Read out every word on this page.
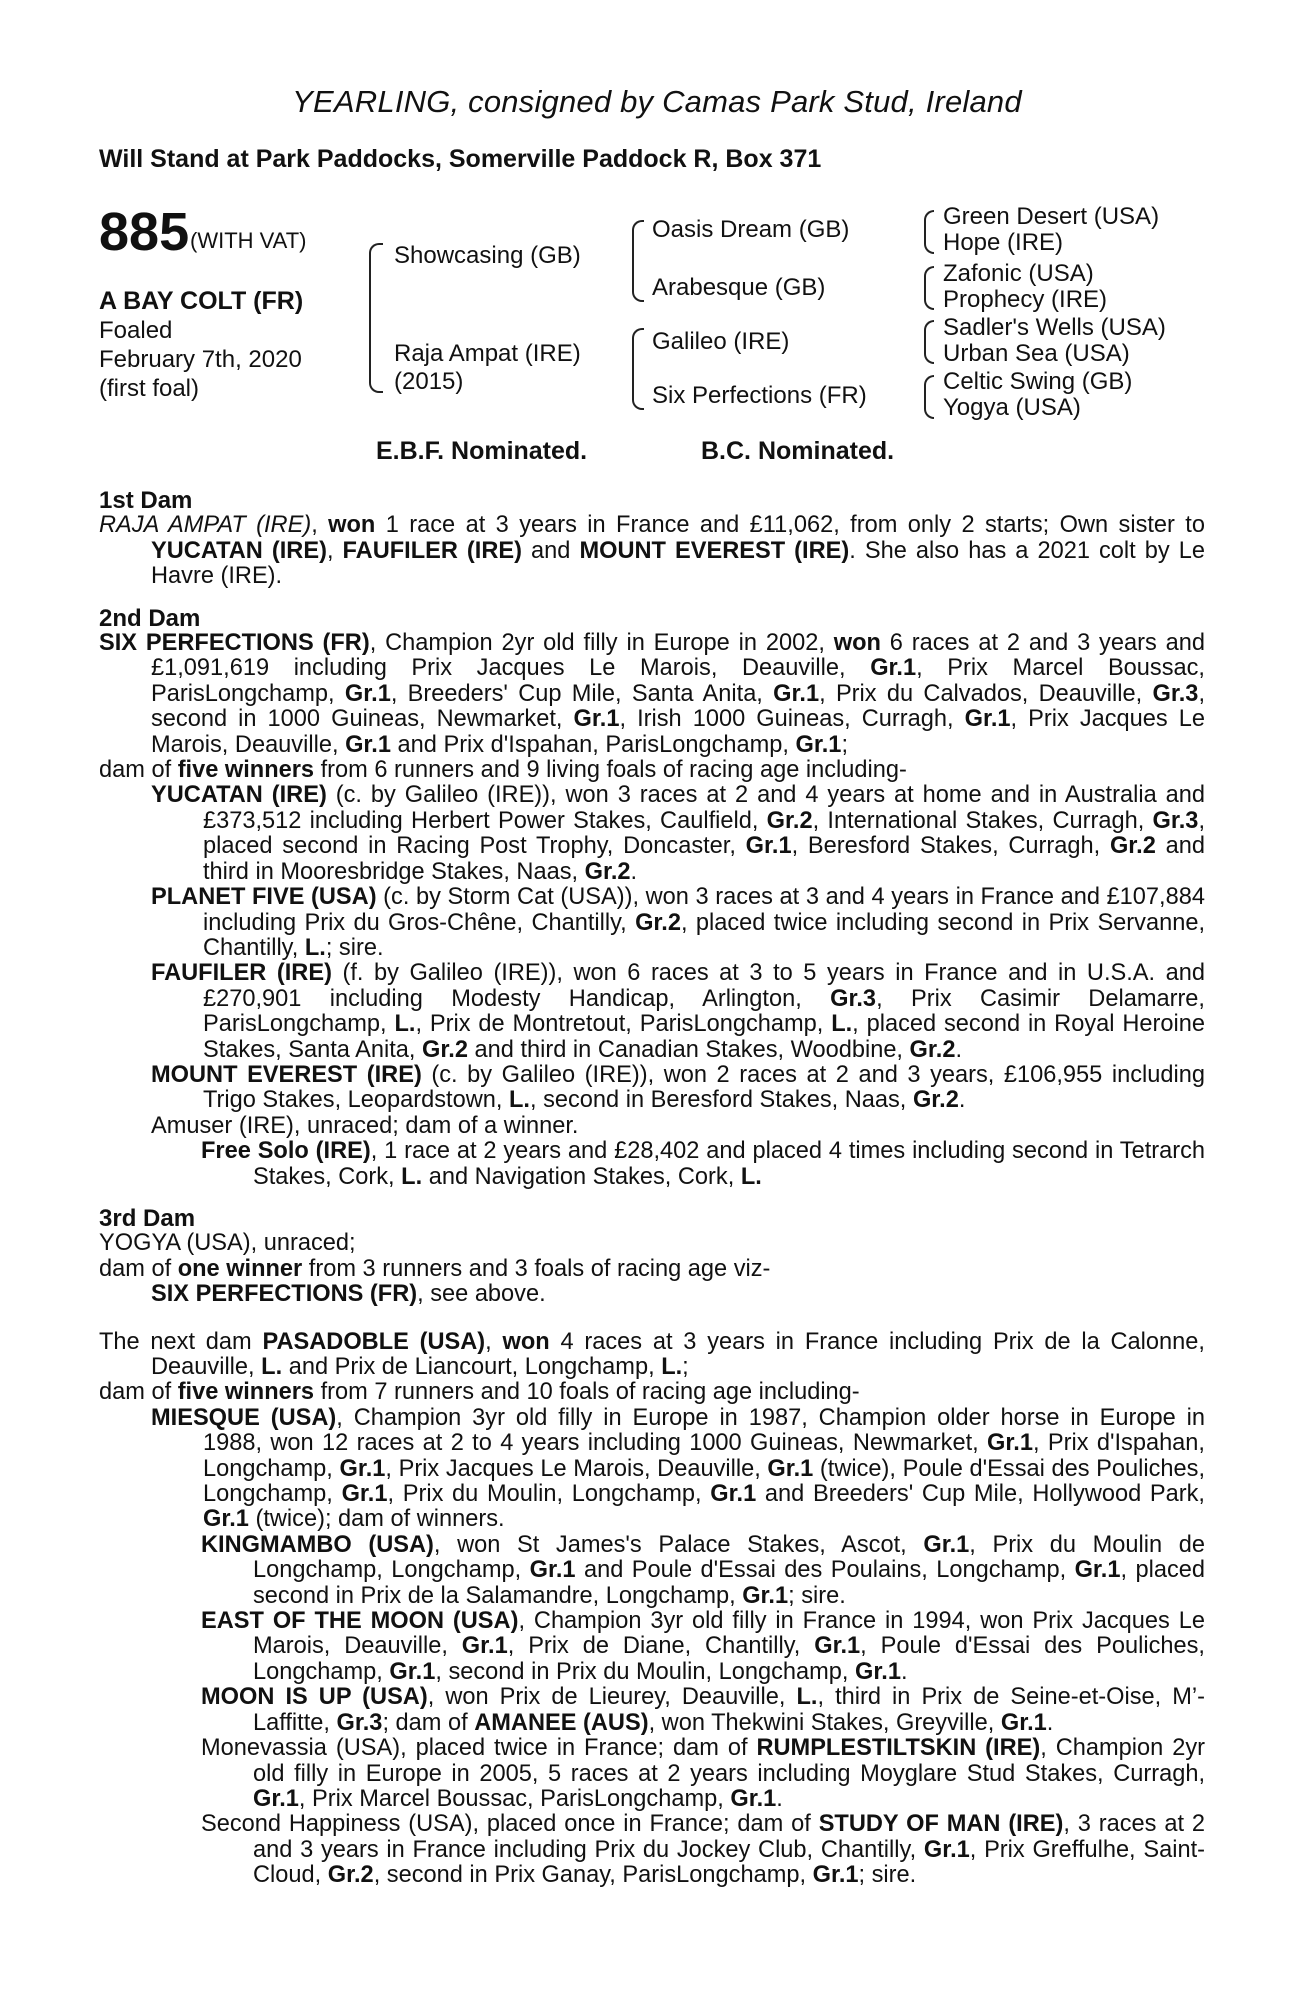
YEARLING, consigned by Camas Park Stud, Ireland
Will Stand at Park Paddocks, Somerville Paddock R, Box 371
885 (WITH VAT)
A BAY COLT (FR)
Foaled
February 7th, 2020
(first foal)
Showcasing (GB)
Raja Ampat (IRE)
(2015)
Oasis Dream (GB)
Arabesque (GB)
Galileo (IRE)
Six Perfections (FR)
Green Desert (USA)
Hope (IRE)
Zafonic (USA)
Prophecy (IRE)
Sadler's Wells (USA)
Urban Sea (USA)
Celtic Swing (GB)
Yogya (USA)
E.B.F. Nominated.	B.C. Nominated.
1st Dam

RAJA AMPAT (IRE), won 1 race at 3 years in France and £11,062, from only 2 starts; Own sister to YUCATAN (IRE), FAUFILER (IRE) and MOUNT EVEREST (IRE). She also has a 2021 colt by Le Havre (IRE).

2nd Dam

SIX PERFECTIONS (FR), Champion 2yr old filly in Europe in 2002, won 6 races at 2 and 3 years and £1,091,619 including Prix Jacques Le Marois, Deauville, Gr.1, Prix Marcel Boussac, ParisLongchamp, Gr.1, Breeders' Cup Mile, Santa Anita, Gr.1, Prix du Calvados, Deauville, Gr.3, second in 1000 Guineas, Newmarket, Gr.1, Irish 1000 Guineas, Curragh, Gr.1, Prix Jacques Le Marois, Deauville, Gr.1 and Prix d'Ispahan, ParisLongchamp, Gr.1;

dam of five winners from 6 runners and 9 living foals of racing age including-

YUCATAN (IRE) (c. by Galileo (IRE)), won 3 races at 2 and 4 years at home and in Australia and £373,512 including Herbert Power Stakes, Caulfield, Gr.2, International Stakes, Curragh, Gr.3, placed second in Racing Post Trophy, Doncaster, Gr.1, Beresford Stakes, Curragh, Gr.2 and third in Mooresbridge Stakes, Naas, Gr.2.

PLANET FIVE (USA) (c. by Storm Cat (USA)), won 3 races at 3 and 4 years in France and £107,884 including Prix du Gros-Chêne, Chantilly, Gr.2, placed twice including second in Prix Servanne, Chantilly, L.; sire.

FAUFILER (IRE) (f. by Galileo (IRE)), won 6 races at 3 to 5 years in France and in U.S.A. and £270,901 including Modesty Handicap, Arlington, Gr.3, Prix Casimir Delamarre, ParisLongchamp, L., Prix de Montretout, ParisLongchamp, L., placed second in Royal Heroine Stakes, Santa Anita, Gr.2 and third in Canadian Stakes, Woodbine, Gr.2.

MOUNT EVEREST (IRE) (c. by Galileo (IRE)), won 2 races at 2 and 3 years, £106,955 including Trigo Stakes, Leopardstown, L., second in Beresford Stakes, Naas, Gr.2.

Amuser (IRE), unraced; dam of a winner.

Free Solo (IRE), 1 race at 2 years and £28,402 and placed 4 times including second in Tetrarch Stakes, Cork, L. and Navigation Stakes, Cork, L.

3rd Dam

YOGYA (USA), unraced;

dam of one winner from 3 runners and 3 foals of racing age viz-

SIX PERFECTIONS (FR), see above.

The next dam PASADOBLE (USA), won 4 races at 3 years in France including Prix de la Calonne, Deauville, L. and Prix de Liancourt, Longchamp, L.;

dam of five winners from 7 runners and 10 foals of racing age including-

MIESQUE (USA), Champion 3yr old filly in Europe in 1987, Champion older horse in Europe in 1988, won 12 races at 2 to 4 years including 1000 Guineas, Newmarket, Gr.1, Prix d'Ispahan, Longchamp, Gr.1, Prix Jacques Le Marois, Deauville, Gr.1 (twice), Poule d'Essai des Pouliches, Longchamp, Gr.1, Prix du Moulin, Longchamp, Gr.1 and Breeders' Cup Mile, Hollywood Park, Gr.1 (twice); dam of winners.

KINGMAMBO (USA), won St James's Palace Stakes, Ascot, Gr.1, Prix du Moulin de Longchamp, Longchamp, Gr.1 and Poule d'Essai des Poulains, Longchamp, Gr.1, placed second in Prix de la Salamandre, Longchamp, Gr.1; sire.

EAST OF THE MOON (USA), Champion 3yr old filly in France in 1994, won Prix Jacques Le Marois, Deauville, Gr.1, Prix de Diane, Chantilly, Gr.1, Poule d'Essai des Pouliches, Longchamp, Gr.1, second in Prix du Moulin, Longchamp, Gr.1.

MOON IS UP (USA), won Prix de Lieurey, Deauville, L., third in Prix de Seine-et-Oise, M’-Laffitte, Gr.3; dam of AMANEE (AUS), won Thekwini Stakes, Greyville, Gr.1.

Monevassia (USA), placed twice in France; dam of RUMPLESTILTSKIN (IRE), Champion 2yr old filly in Europe in 2005, 5 races at 2 years including Moyglare Stud Stakes, Curragh, Gr.1, Prix Marcel Boussac, ParisLongchamp, Gr.1.

Second Happiness (USA), placed once in France; dam of STUDY OF MAN (IRE), 3 races at 2 and 3 years in France including Prix du Jockey Club, Chantilly, Gr.1, Prix Greffulhe, Saint-Cloud, Gr.2, second in Prix Ganay, ParisLongchamp, Gr.1; sire.
